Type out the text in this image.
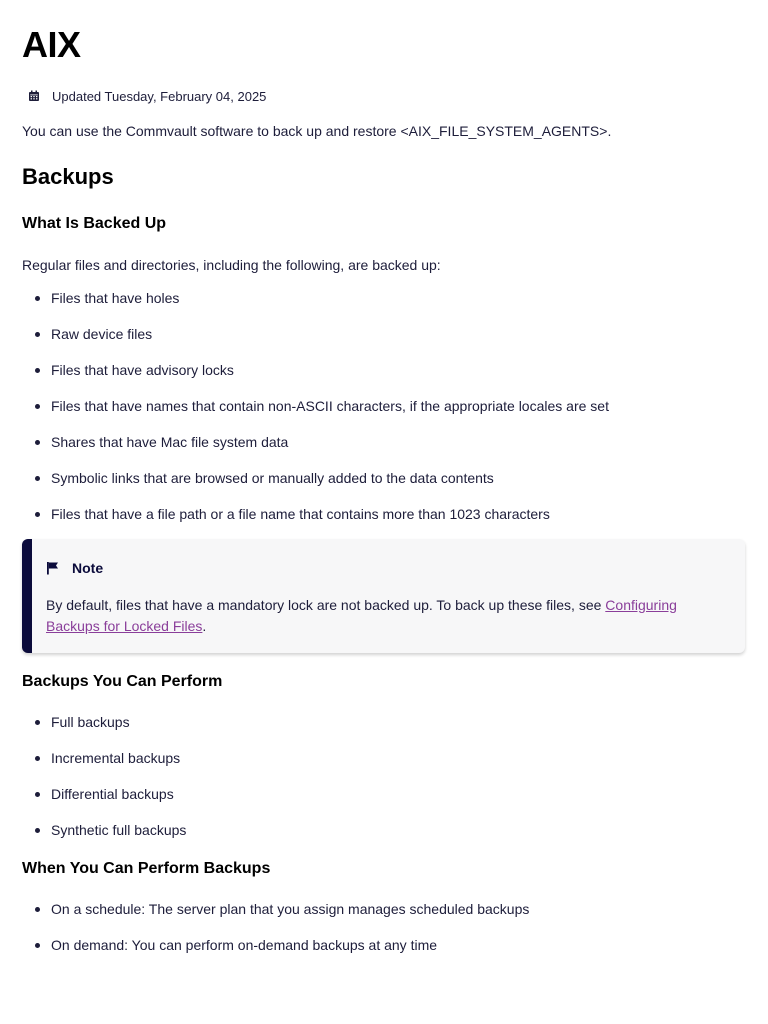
AIX
Updated Tuesday, February 04, 2025

You can use the Commvault software to back up and restore <AIX_FILE_SYSTEM_AGENTS>.

Backups
What Is Backed Up
Regular files and directories, including the following, are backed up:
Files that have holes
Raw device files
Files that have advisory locks
Files that have names that contain non-ASCII characters, if the appropriate locales are set
Shares that have Mac file system data
Symbolic links that are browsed or manually added to the data contents
Files that have a file path or a file name that contains more than 1023 characters
Note
By default, files that have a mandatory lock are not backed up. To back up these files, see Configuring Backups for Locked Files.
Backups You Can Perform
Full backups
Incremental backups
Differential backups
Synthetic full backups
When You Can Perform Backups
On a schedule: The server plan that you assign manages scheduled backups
On demand: You can perform on-demand backups at any time
